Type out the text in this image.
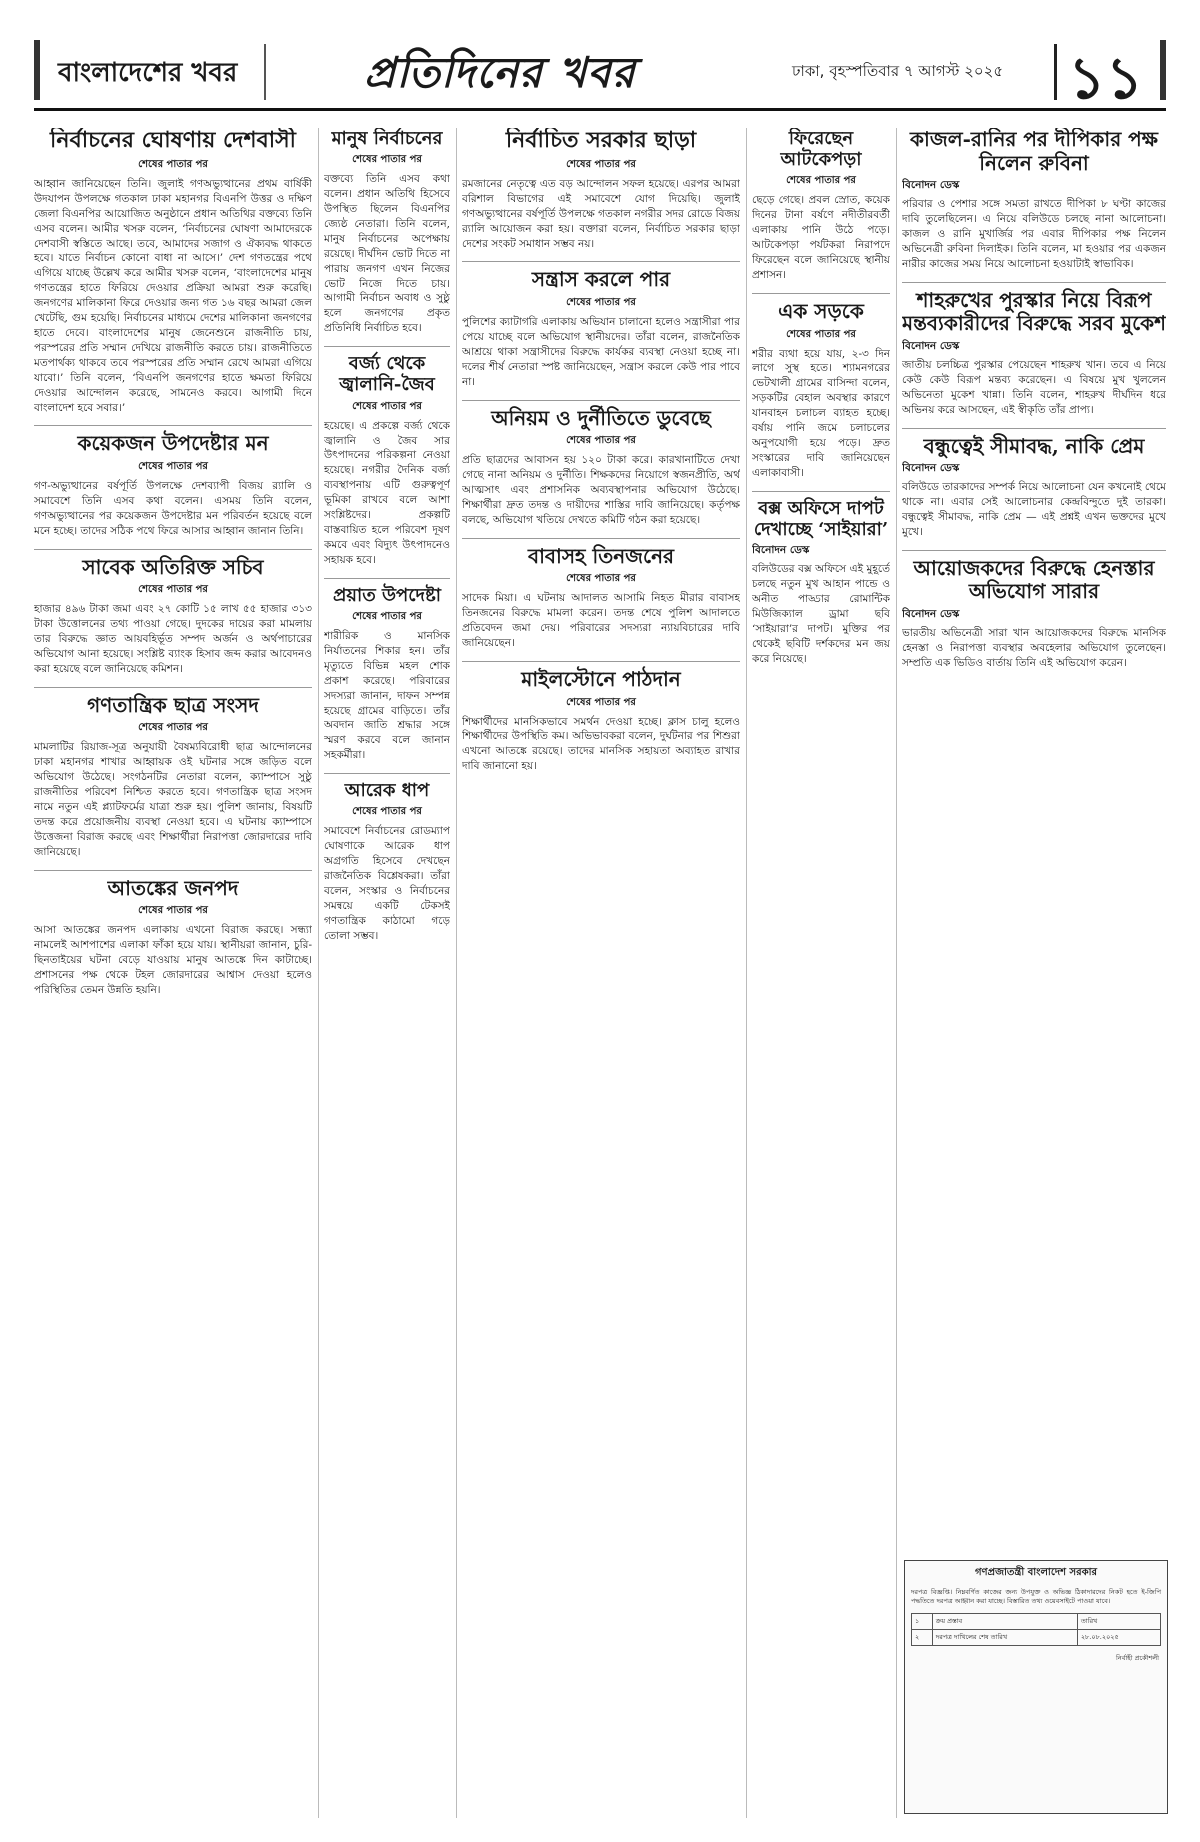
বাংলাদেশের খবর	প্রতিদিনের খবর	ঢাকা, বৃহস্পতিবার ৭ আগস্ট ২০২৫ ১১
নির্বাচনের ঘোষণায় দেশবাসী
শেষের পাতার পর

আহ্বান জানিয়েছেন তিনি। জুলাই গণঅভ্যুত্থানের প্রথম বার্ষিকী উদযাপন উপলক্ষে গতকাল ঢাকা মহানগর বিএনপি উত্তর ও দক্ষিণ জেলা বিএনপির আয়োজিত অনুষ্ঠানে প্রধান অতিথির বক্তব্যে তিনি এসব বলেন। আমীর খসরু বলেন, ‘নির্বাচনের ঘোষণা আমাদেরকে দেশবাসী স্বস্তিতে আছে। তবে, আমাদের সজাগ ও ঐক্যবদ্ধ থাকতে হবে। যাতে নির্বাচন কোনো বাধা না আসে।’ দেশ গণতন্ত্রের পথে এগিয়ে যাচ্ছে উল্লেখ করে আমীর খসরু বলেন, ‘বাংলাদেশের মানুষ গণতন্ত্রের হাতে ফিরিয়ে দেওয়ার প্রক্রিয়া আমরা শুরু করেছি। জনগণের মালিকানা ফিরে দেওয়ার জন্য গত ১৬ বছর আমরা জেল খেটেছি, গুম হয়েছি। নির্বাচনের মাধ্যমে দেশের মালিকানা জনগণের হাতে দেবে। বাংলাদেশের মানুষ জেনেশুনে রাজনীতি চায়, পরস্পরের প্রতি সম্মান দেখিয়ে রাজনীতি করতে চায়। রাজনীতিতে মতপার্থক্য থাকবে তবে পরস্পরের প্রতি সম্মান রেখে আমরা এগিয়ে যাবো।’ তিনি বলেন, ‘বিএনপি জনগণের হাতে ক্ষমতা ফিরিয়ে দেওয়ার আন্দোলন করেছে, সামনেও করবে। আগামী দিনে বাংলাদেশ হবে সবার।’

কয়েকজন উপদেষ্টার মন
শেষের পাতার পর

গণ-অভ্যুত্থানের বর্ষপূর্তি উপলক্ষে দেশব্যাপী বিজয় র‍্যালি ও সমাবেশে তিনি এসব কথা বলেন। এসময় তিনি বলেন, গণঅভ্যুত্থানের পর কয়েকজন উপদেষ্টার মন পরিবর্তন হয়েছে বলে মনে হচ্ছে। তাদের সঠিক পথে ফিরে আসার আহ্বান জানান তিনি।

সাবেক অতিরিক্ত সচিব
শেষের পাতার পর

হাজার ৪৯৬ টাকা জমা এবং ২৭ কোটি ১৫ লাখ ৫৫ হাজার ৩১৩ টাকা উত্তোলনের তথ্য পাওয়া গেছে। দুদকের দায়ের করা মামলায় তার বিরুদ্ধে জ্ঞাত আয়বহির্ভূত সম্পদ অর্জন ও অর্থপাচারের অভিযোগ আনা হয়েছে। সংশ্লিষ্ট ব্যাংক হিসাব জব্দ করার আবেদনও করা হয়েছে বলে জানিয়েছে কমিশন।

গণতান্ত্রিক ছাত্র সংসদ
শেষের পাতার পর

মামলাটির রিয়াজ-সূত্র অনুযায়ী বৈষম্যবিরোধী ছাত্র আন্দোলনের ঢাকা মহানগর শাখার আহ্বায়ক ওই ঘটনার সঙ্গে জড়িত বলে অভিযোগ উঠেছে। সংগঠনটির নেতারা বলেন, ক্যাম্পাসে সুষ্ঠু রাজনীতির পরিবেশ নিশ্চিত করতে হবে। গণতান্ত্রিক ছাত্র সংসদ নামে নতুন এই প্ল্যাটফর্মের যাত্রা শুরু হয়। পুলিশ জানায়, বিষয়টি তদন্ত করে প্রয়োজনীয় ব্যবস্থা নেওয়া হবে। এ ঘটনায় ক্যাম্পাসে উত্তেজনা বিরাজ করছে এবং শিক্ষার্থীরা নিরাপত্তা জোরদারের দাবি জানিয়েছে।

আতঙ্কের জনপদ
শেষের পাতার পর

আসা আতঙ্কের জনপদ এলাকায় এখনো বিরাজ করছে। সন্ধ্যা নামলেই আশপাশের এলাকা ফাঁকা হয়ে যায়। স্থানীয়রা জানান, চুরি-ছিনতাইয়ের ঘটনা বেড়ে যাওয়ায় মানুষ আতঙ্কে দিন কাটাচ্ছে। প্রশাসনের পক্ষ থেকে টহল জোরদারের আশ্বাস দেওয়া হলেও পরিস্থিতির তেমন উন্নতি হয়নি।

মানুষ নির্বাচনের
শেষের পাতার পর

বক্তব্যে তিনি এসব কথা বলেন। প্রধান অতিথি হিসেবে উপস্থিত ছিলেন বিএনপির জ্যেষ্ঠ নেতারা। তিনি বলেন, মানুষ নির্বাচনের অপেক্ষায় রয়েছে। দীর্ঘদিন ভোট দিতে না পারায় জনগণ এখন নিজের ভোট নিজে দিতে চায়। আগামী নির্বাচন অবাধ ও সুষ্ঠু হলে জনগণের প্রকৃত প্রতিনিধি নির্বাচিত হবে।

বর্জ্য থেকে জ্বালানি-জৈব
শেষের পাতার পর

হয়েছে। এ প্রকল্পে বর্জ্য থেকে জ্বালানি ও জৈব সার উৎপাদনের পরিকল্পনা নেওয়া হয়েছে। নগরীর দৈনিক বর্জ্য ব্যবস্থাপনায় এটি গুরুত্বপূর্ণ ভূমিকা রাখবে বলে আশা সংশ্লিষ্টদের। প্রকল্পটি বাস্তবায়িত হলে পরিবেশ দূষণ কমবে এবং বিদ্যুৎ উৎপাদনেও সহায়ক হবে।

প্রয়াত উপদেষ্টা
শেষের পাতার পর

শারীরিক ও মানসিক নির্যাতনের শিকার হন। তাঁর মৃত্যুতে বিভিন্ন মহল শোক প্রকাশ করেছে। পরিবারের সদস্যরা জানান, দাফন সম্পন্ন হয়েছে গ্রামের বাড়িতে। তাঁর অবদান জাতি শ্রদ্ধার সঙ্গে স্মরণ করবে বলে জানান সহকর্মীরা।

আরেক ধাপ
শেষের পাতার পর

সমাবেশে নির্বাচনের রোডম্যাপ ঘোষণাকে আরেক ধাপ অগ্রগতি হিসেবে দেখছেন রাজনৈতিক বিশ্লেষকরা। তাঁরা বলেন, সংস্কার ও নির্বাচনের সমন্বয়ে একটি টেকসই গণতান্ত্রিক কাঠামো গড়ে তোলা সম্ভব।

নির্বাচিত সরকার ছাড়া
শেষের পাতার পর

রমজানের নেতৃত্বে এত বড় আন্দোলন সফল হয়েছে। এরপর আমরা বরিশাল বিভাগের এই সমাবেশে যোগ দিয়েছি। জুলাই গণঅভ্যুত্থানের বর্ষপূর্তি উপলক্ষে গতকাল নগরীর সদর রোডে বিজয় র‍্যালি আয়োজন করা হয়। বক্তারা বলেন, নির্বাচিত সরকার ছাড়া দেশের সংকট সমাধান সম্ভব নয়।

সন্ত্রাস করলে পার
শেষের পাতার পর

পুলিশের ক্যাটাগরি এলাকায় অভিযান চালানো হলেও সন্ত্রাসীরা পার পেয়ে যাচ্ছে বলে অভিযোগ স্থানীয়দের। তাঁরা বলেন, রাজনৈতিক আশ্রয়ে থাকা সন্ত্রাসীদের বিরুদ্ধে কার্যকর ব্যবস্থা নেওয়া হচ্ছে না। দলের শীর্ষ নেতারা স্পষ্ট জানিয়েছেন, সন্ত্রাস করলে কেউ পার পাবে না।

অনিয়ম ও দুর্নীতিতে ডুবেছে
শেষের পাতার পর

প্রতি ছাত্রদের আবাসন হয় ১২০ টাকা করে। কারখানাটিতে দেখা গেছে নানা অনিয়ম ও দুর্নীতি। শিক্ষকদের নিয়োগে স্বজনপ্রীতি, অর্থ আত্মসাৎ এবং প্রশাসনিক অব্যবস্থাপনার অভিযোগ উঠেছে। শিক্ষার্থীরা দ্রুত তদন্ত ও দায়ীদের শাস্তির দাবি জানিয়েছে। কর্তৃপক্ষ বলছে, অভিযোগ খতিয়ে দেখতে কমিটি গঠন করা হয়েছে।

বাবাসহ তিনজনের
শেষের পাতার পর

সাদেক মিয়া। এ ঘটনায় আদালত আসামি নিহত মীরার বাবাসহ তিনজনের বিরুদ্ধে মামলা করেন। তদন্ত শেষে পুলিশ আদালতে প্রতিবেদন জমা দেয়। পরিবারের সদস্যরা ন্যায়বিচারের দাবি জানিয়েছেন।

মাইলস্টোনে পাঠদান
শেষের পাতার পর

শিক্ষার্থীদের মানসিকভাবে সমর্থন দেওয়া হচ্ছে। ক্লাস চালু হলেও শিক্ষার্থীদের উপস্থিতি কম। অভিভাবকরা বলেন, দুর্ঘটনার পর শিশুরা এখনো আতঙ্কে রয়েছে। তাদের মানসিক সহায়তা অব্যাহত রাখার দাবি জানানো হয়।

ফিরেছেন আটকেপড়া
শেষের পাতার পর

ছেড়ে গেছে। প্রবল স্রোত, কয়েক দিনের টানা বর্ষণে নদীতীরবর্তী এলাকায় পানি উঠে পড়ে। আটকেপড়া পর্যটকরা নিরাপদে ফিরেছেন বলে জানিয়েছে স্থানীয় প্রশাসন।

এক সড়কে
শেষের পাতার পর

শরীর ব্যথা হয়ে যায়, ২-৩ দিন লাগে সুস্থ হতে। শ্যামনগরের ভেটখালী গ্রামের বাসিন্দা বলেন, সড়কটির বেহাল অবস্থার কারণে যানবাহন চলাচল ব্যাহত হচ্ছে। বর্ষায় পানি জমে চলাচলের অনুপযোগী হয়ে পড়ে। দ্রুত সংস্কারের দাবি জানিয়েছেন এলাকাবাসী।

বক্স অফিসে দাপট দেখাচ্ছে ‘সাইয়ারা’
বিনোদন ডেস্ক

বলিউডের বক্স অফিসে এই মুহূর্তে চলছে নতুন মুখ আহান পান্ডে ও অনীত পাড্ডার রোমান্টিক মিউজিক্যাল ড্রামা ছবি ‘সাইয়ারা’র দাপট। মুক্তির পর থেকেই ছবিটি দর্শকদের মন জয় করে নিয়েছে।

কাজল-রানির পর দীপিকার পক্ষ নিলেন রুবিনা
বিনোদন ডেস্ক

পরিবার ও পেশার সঙ্গে সমতা রাখতে দীপিকা ৮ ঘণ্টা কাজের দাবি তুলেছিলেন। এ নিয়ে বলিউডে চলছে নানা আলোচনা। কাজল ও রানি মুখার্জির পর এবার দীপিকার পক্ষ নিলেন অভিনেত্রী রুবিনা দিলাইক। তিনি বলেন, মা হওয়ার পর একজন নারীর কাজের সময় নিয়ে আলোচনা হওয়াটাই স্বাভাবিক।

শাহরুখের পুরস্কার নিয়ে বিরূপ মন্তব্যকারীদের বিরুদ্ধে সরব মুকেশ
বিনোদন ডেস্ক

জাতীয় চলচ্চিত্র পুরস্কার পেয়েছেন শাহরুখ খান। তবে এ নিয়ে কেউ কেউ বিরূপ মন্তব্য করেছেন। এ বিষয়ে মুখ খুললেন অভিনেতা মুকেশ খান্না। তিনি বলেন, শাহরুখ দীর্ঘদিন ধরে অভিনয় করে আসছেন, এই স্বীকৃতি তাঁর প্রাপ্য।

বন্ধুত্বেই সীমাবদ্ধ, নাকি প্রেম
বিনোদন ডেস্ক

বলিউডে তারকাদের সম্পর্ক নিয়ে আলোচনা যেন কখনোই থেমে থাকে না। এবার সেই আলোচনার কেন্দ্রবিন্দুতে দুই তারকা। বন্ধুত্বেই সীমাবদ্ধ, নাকি প্রেম — এই প্রশ্নই এখন ভক্তদের মুখে মুখে।

আয়োজকদের বিরুদ্ধে হেনস্তার অভিযোগ সারার
বিনোদন ডেস্ক

ভারতীয় অভিনেত্রী সারা খান আয়োজকদের বিরুদ্ধে মানসিক হেনস্তা ও নিরাপত্তা ব্যবস্থার অবহেলার অভিযোগ তুলেছেন। সম্প্রতি এক ভিডিও বার্তায় তিনি এই অভিযোগ করেন।

গণপ্রজাতন্ত্রী বাংলাদেশ সরকার
দরপত্র বিজ্ঞপ্তি। নিম্নবর্ণিত কাজের জন্য উপযুক্ত ও অভিজ্ঞ ঠিকাদারদের নিকট হতে ই-জিপি পদ্ধতিতে দরপত্র আহ্বান করা যাচ্ছে। বিস্তারিত তথ্য ওয়েবসাইটে পাওয়া যাবে।
১	ক্রয় প্রস্তাব	তারিখ
২	দরপত্র দাখিলের শেষ তারিখ	২৮.০৮.২০২৫
নির্বাহী প্রকৌশলী
